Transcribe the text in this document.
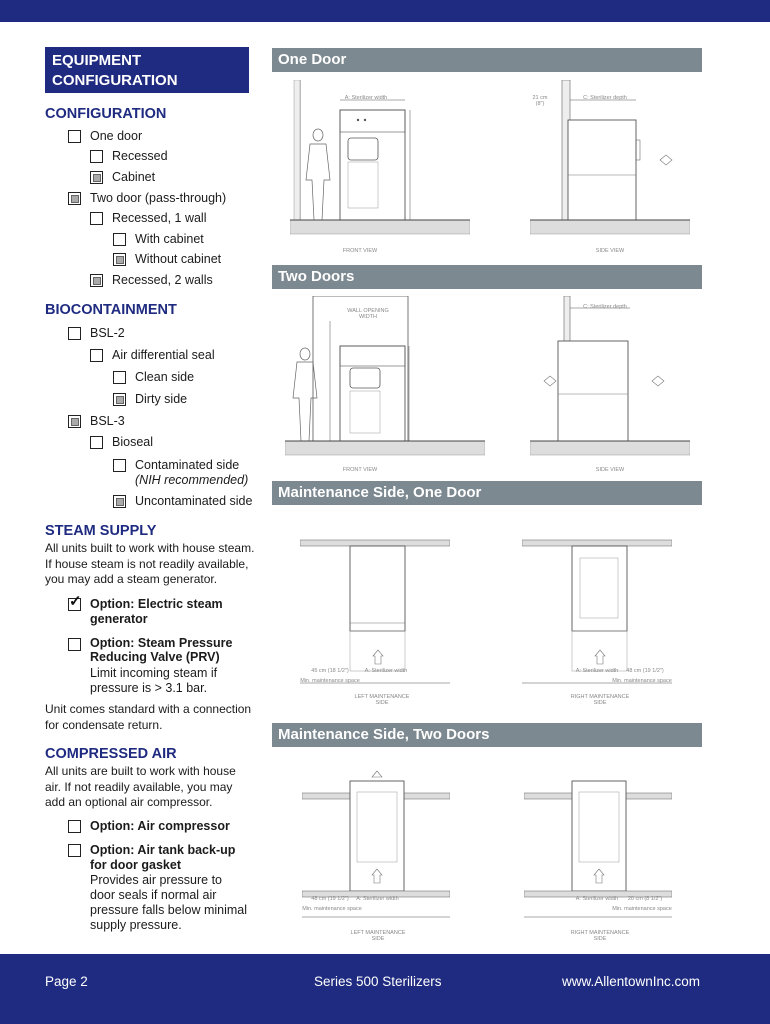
EQUIPMENT CONFIGURATION
CONFIGURATION
One door
Recessed
Cabinet
Two door (pass-through)
Recessed, 1 wall
With cabinet
Without cabinet
Recessed, 2 walls
BIOCONTAINMENT
BSL-2
Air differential seal
Clean side
Dirty side
BSL-3
Bioseal
Contaminated side
(NIH recommended)
Uncontaminated side
STEAM SUPPLY
All units built to work with house steam. If house steam is not readily available, you may add a steam generator.
✓
Option: Electric steam generator
Option: Steam Pressure Reducing Valve (PRV)
Limit incoming steam if pressure is > 3.1 bar.
Unit comes standard with a connection for condensate return.
COMPRESSED AIR
All units are built to work with house air. If not readily available, you may add an optional air compressor.
Option: Air compressor
Option: Air tank back-up for door gasket
Provides air pressure to door seals if normal air pressure falls below minimal supply pressure.
One Door
A: Sterilizer width
FRONT VIEW
21 cm (8")
C: Sterilizer depth
SIDE VIEW
Two Doors
WALL OPENING WIDTH
FRONT VIEW
C: Sterilizer depth
SIDE VIEW
Maintenance Side, One Door
45 cm (18 1/2")	A: Sterilizer width
Min. maintenance space
LEFT MAINTENANCE SIDE
A: Sterilizer width	48 cm (19 1/2")
Min. maintenance space
RIGHT MAINTENANCE SIDE
Maintenance Side, Two Doors
48 cm (19 1/2")	A: Sterilizer width
Min. maintenance space
LEFT MAINTENANCE SIDE
A: Sterilizer width	20 cm (8 1/2")
Min. maintenance space
RIGHT MAINTENANCE SIDE
Page 2	Series 500 Sterilizers	www.AllentownInc.com
